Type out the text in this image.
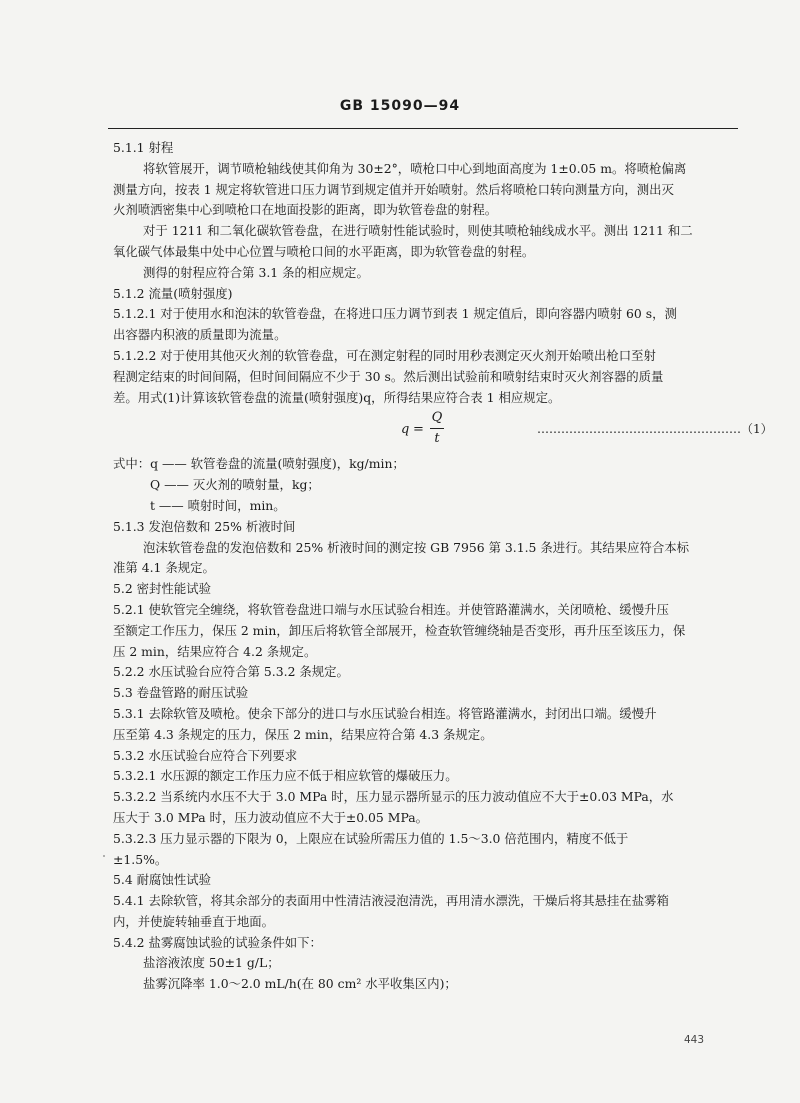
GB 15090—94
5.1.1 射程
将软管展开，调节喷枪轴线使其仰角为 30±2°，喷枪口中心到地面高度为 1±0.05 m。将喷枪偏离
测量方向，按表 1 规定将软管进口压力调节到规定值并开始喷射。然后将喷枪口转向测量方向，测出灭
火剂喷洒密集中心到喷枪口在地面投影的距离，即为软管卷盘的射程。
对于 1211 和二氧化碳软管卷盘，在进行喷射性能试验时，则使其喷枪轴线成水平。测出 1211 和二
氧化碳气体最集中处中心位置与喷枪口间的水平距离，即为软管卷盘的射程。
测得的射程应符合第 3.1 条的相应规定。
5.1.2 流量(喷射强度)
5.1.2.1 对于使用水和泡沫的软管卷盘，在将进口压力调节到表 1 规定值后，即向容器内喷射 60 s，测
出容器内积液的质量即为流量。
5.1.2.2 对于使用其他灭火剂的软管卷盘，可在测定射程的同时用秒表测定灭火剂开始喷出枪口至射
程测定结束的时间间隔，但时间间隔应不少于 30 s。然后测出试验前和喷射结束时灭火剂容器的质量
差。用式(1)计算该软管卷盘的流量(喷射强度)q，所得结果应符合表 1 相应规定。
q =
Q
t
……………………………………………（1）
式中：q —— 软管卷盘的流量(喷射强度)，kg/min；
Q —— 灭火剂的喷射量，kg；
t —— 喷射时间，min。
5.1.3 发泡倍数和 25% 析液时间
泡沫软管卷盘的发泡倍数和 25% 析液时间的测定按 GB 7956 第 3.1.5 条进行。其结果应符合本标
准第 4.1 条规定。
5.2 密封性能试验
5.2.1 使软管完全缠绕，将软管卷盘进口端与水压试验台相连。并使管路灌满水，关闭喷枪、缓慢升压
至额定工作压力，保压 2 min，卸压后将软管全部展开，检查软管缠绕轴是否变形，再升压至该压力，保
压 2 min，结果应符合 4.2 条规定。
5.2.2 水压试验台应符合第 5.3.2 条规定。
5.3 卷盘管路的耐压试验
5.3.1 去除软管及喷枪。使余下部分的进口与水压试验台相连。将管路灌满水，封闭出口端。缓慢升
压至第 4.3 条规定的压力，保压 2 min，结果应符合第 4.3 条规定。
5.3.2 水压试验台应符合下列要求
5.3.2.1 水压源的额定工作压力应不低于相应软管的爆破压力。
5.3.2.2 当系统内水压不大于 3.0 MPa 时，压力显示器所显示的压力波动值应不大于±0.03 MPa，水
压大于 3.0 MPa 时，压力波动值应不大于±0.05 MPa。
5.3.2.3 压力显示器的下限为 0，上限应在试验所需压力值的 1.5～3.0 倍范围内，精度不低于
±1.5%。
5.4 耐腐蚀性试验
5.4.1 去除软管，将其余部分的表面用中性清洁液浸泡清洗，再用清水漂洗，干燥后将其悬挂在盐雾箱
内，并使旋转轴垂直于地面。
5.4.2 盐雾腐蚀试验的试验条件如下：
盐溶液浓度 50±1 g/L；
盐雾沉降率 1.0～2.0 mL/h(在 80 cm² 水平收集区内)；
443
